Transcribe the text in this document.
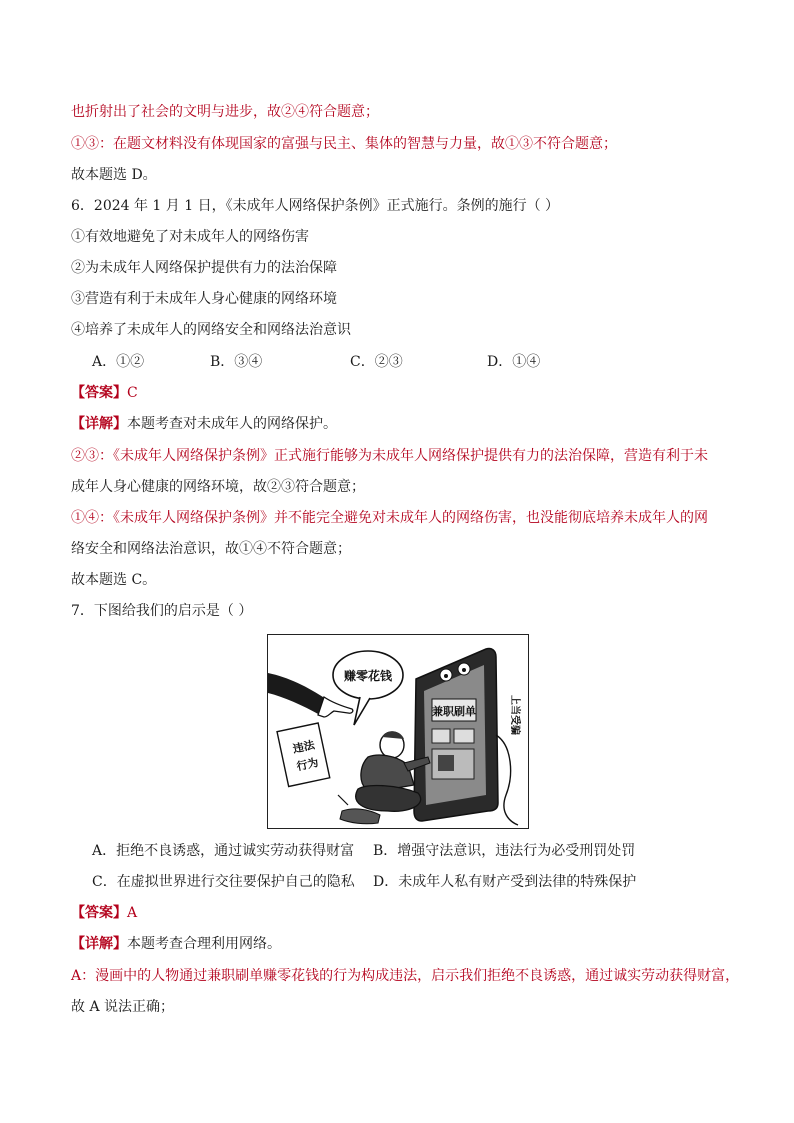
也折射出了社会的文明与进步，故②④符合题意；
①③：在题文材料没有体现国家的富强与民主、集体的智慧与力量，故①③不符合题意；
故本题选 D。
6．2024 年 1 月 1 日，《未成年人网络保护条例》正式施行。条例的施行（ ）
①有效地避免了对未成年人的网络伤害
②为未成年人网络保护提供有力的法治保障
③营造有利于未成年人身心健康的网络环境
④培养了未成年人的网络安全和网络法治意识
A．①②	B．③④	C．②③	D．①④
【答案】C
【详解】本题考查对未成年人的网络保护。
②③：《未成年人网络保护条例》正式施行能够为未成年人网络保护提供有力的法治保障，营造有利于未
成年人身心健康的网络环境，故②③符合题意；
①④：《未成年人网络保护条例》并不能完全避免对未成年人的网络伤害，也没能彻底培养未成年人的网
络安全和网络法治意识，故①④不符合题意；
故本题选 C。
7．下图给我们的启示是（ ）
赚零花钱
违法
行为
兼职刷单	上当受骗
A．拒绝不良诱惑，通过诚实劳动获得财富 B．增强守法意识，违法行为必受刑罚处罚
C．在虚拟世界进行交往要保护自己的隐私 D．未成年人私有财产受到法律的特殊保护
【答案】A
【详解】本题考查合理利用网络。
A：漫画中的人物通过兼职刷单赚零花钱的行为构成违法，启示我们拒绝不良诱惑，通过诚实劳动获得财富，
故 A 说法正确；
